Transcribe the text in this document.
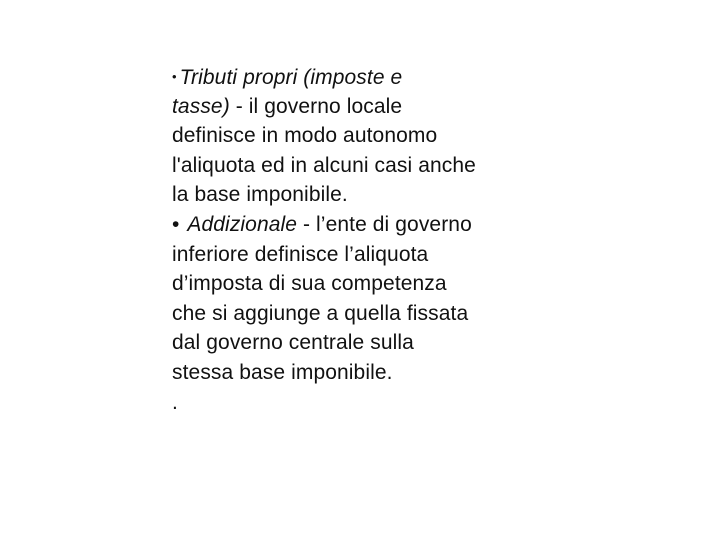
• Tributi propri (imposte e
tasse) - il governo locale
definisce in modo autonomo
l'aliquota ed in alcuni casi anche
la base imponibile.
• Addizionale - l’ente di governo
inferiore definisce l’aliquota
d’imposta di sua competenza
che si aggiunge a quella fissata
dal governo centrale sulla
stessa base imponibile.
.
